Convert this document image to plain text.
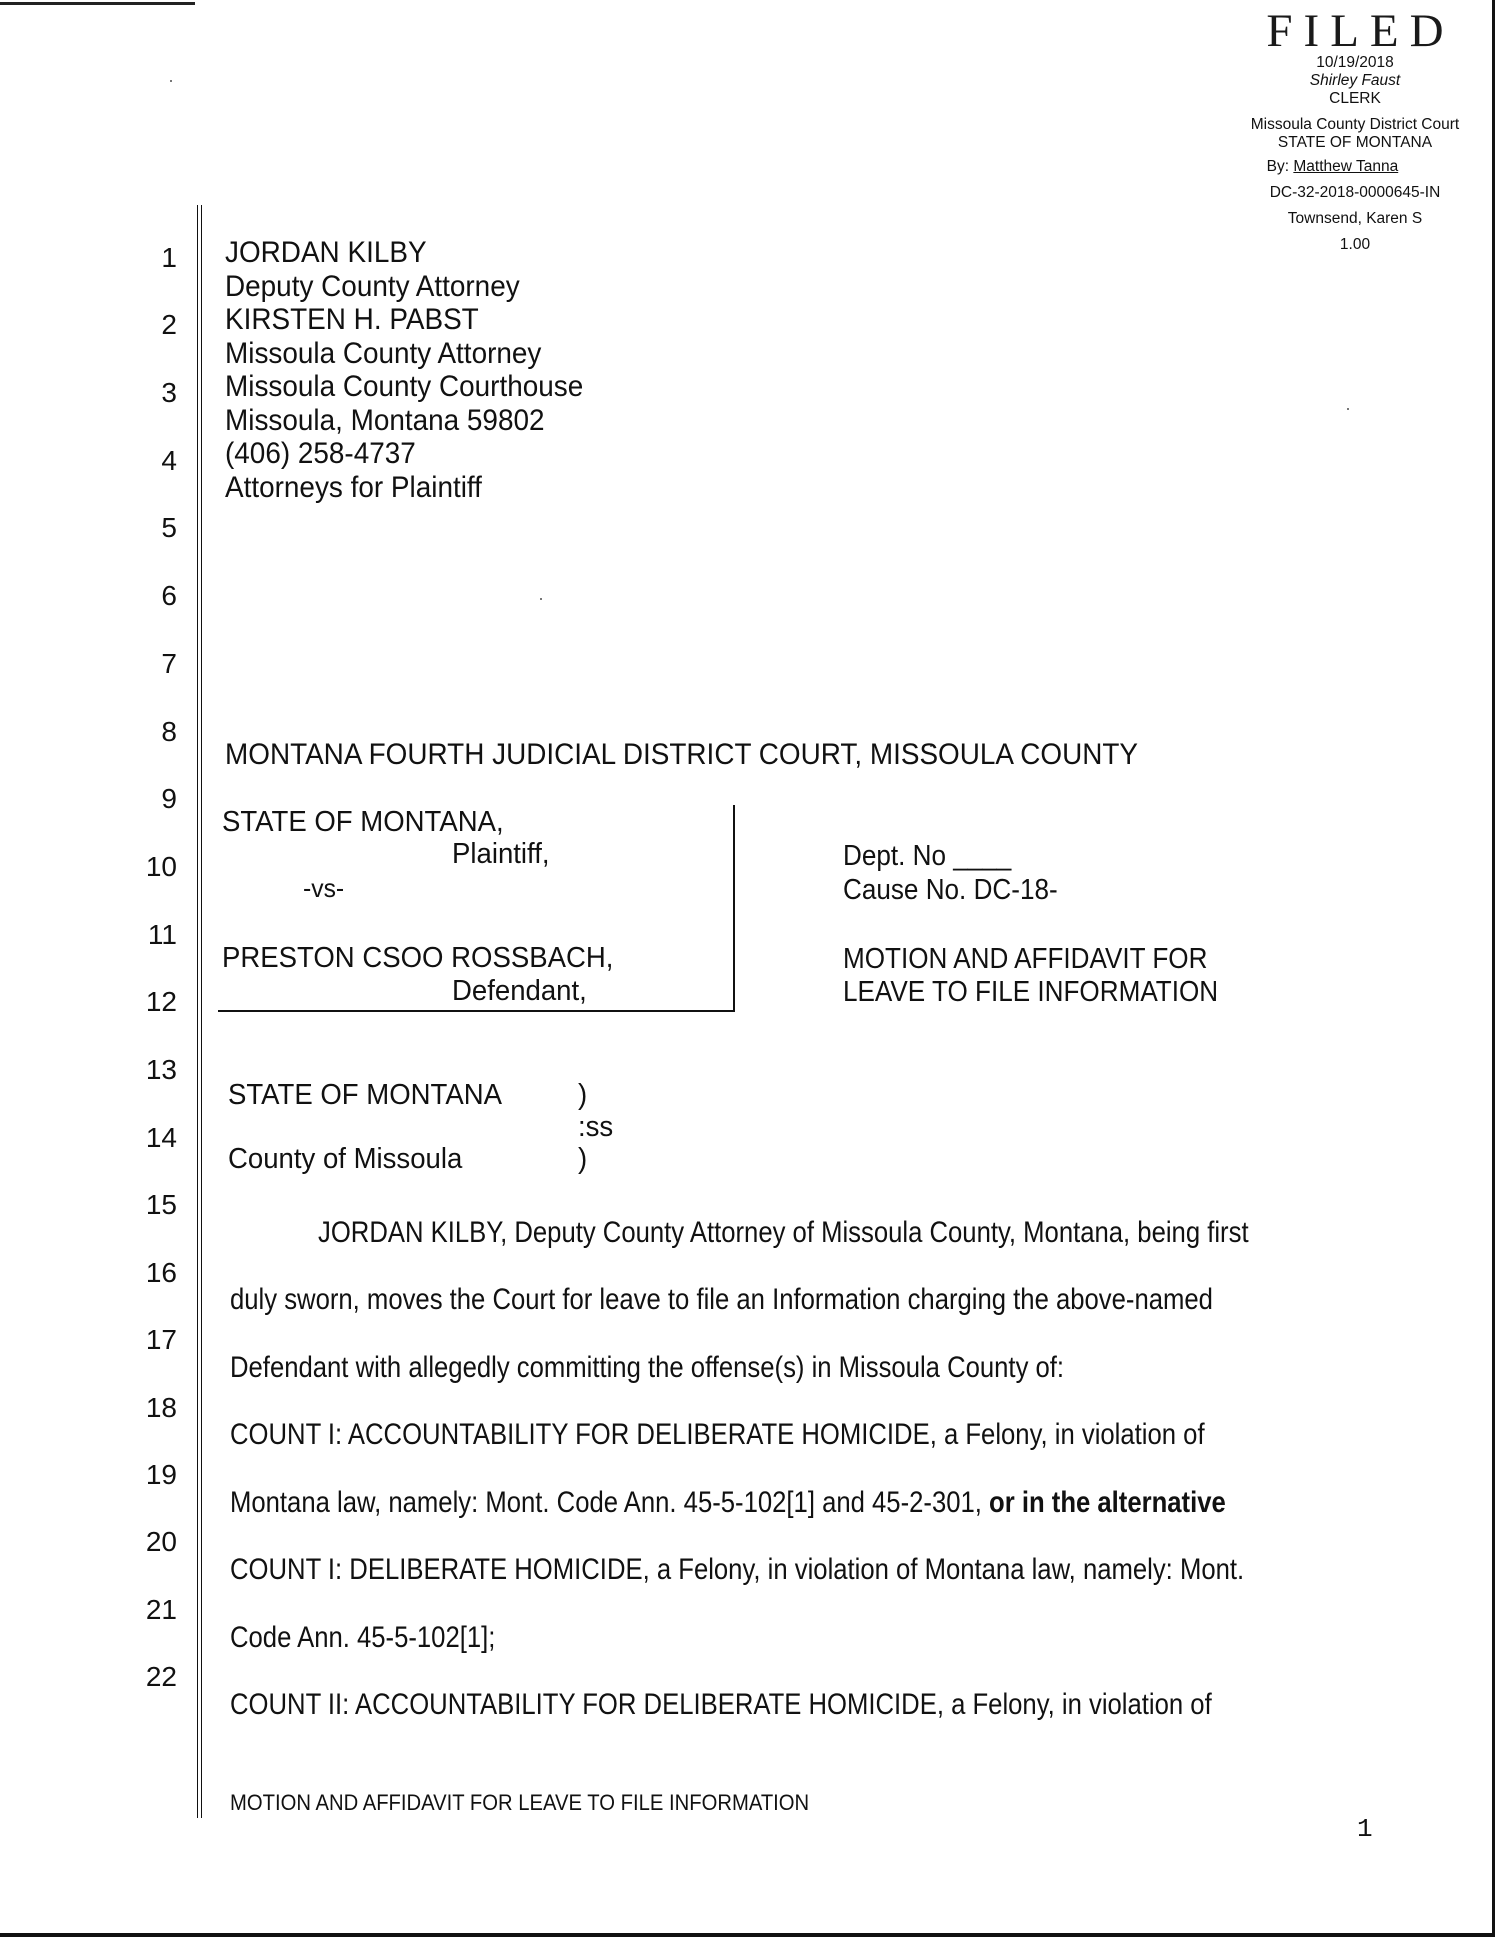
FILED
10/19/2018
Shirley Faust
CLERK
Missoula County District Court
STATE OF MONTANA
By: Matthew Tanna
DC-32-2018-0000645-IN
Townsend, Karen S
1.00
1
2
3
4
5
6
7
8
9
10
11
12
13
14
15
16
17
18
19
20
21
22
JORDAN KILBY
Deputy County Attorney
KIRSTEN H. PABST
Missoula County Attorney
Missoula County Courthouse
Missoula, Montana 59802
(406) 258-4737
Attorneys for Plaintiff
MONTANA FOURTH JUDICIAL DISTRICT COURT, MISSOULA COUNTY
STATE OF MONTANA,
Plaintiff,
-vs-
PRESTON CSOO ROSSBACH,
Defendant,
Dept. No ____
Cause No. DC-18-
MOTION AND AFFIDAVIT FOR
LEAVE TO FILE INFORMATION
STATE OF MONTANA	)
:ss
County of Missoula	)
JORDAN KILBY, Deputy County Attorney of Missoula County, Montana, being first
duly sworn, moves the Court for leave to file an Information charging the above-named
Defendant with allegedly committing the offense(s) in Missoula County of:
COUNT I: ACCOUNTABILITY FOR DELIBERATE HOMICIDE, a Felony, in violation of
Montana law, namely: Mont. Code Ann. 45-5-102[1] and 45-2-301, or in the alternative
COUNT I: DELIBERATE HOMICIDE, a Felony, in violation of Montana law, namely: Mont.
Code Ann. 45-5-102[1];
COUNT II: ACCOUNTABILITY FOR DELIBERATE HOMICIDE, a Felony, in violation of
MOTION AND AFFIDAVIT FOR LEAVE TO FILE INFORMATION
1
